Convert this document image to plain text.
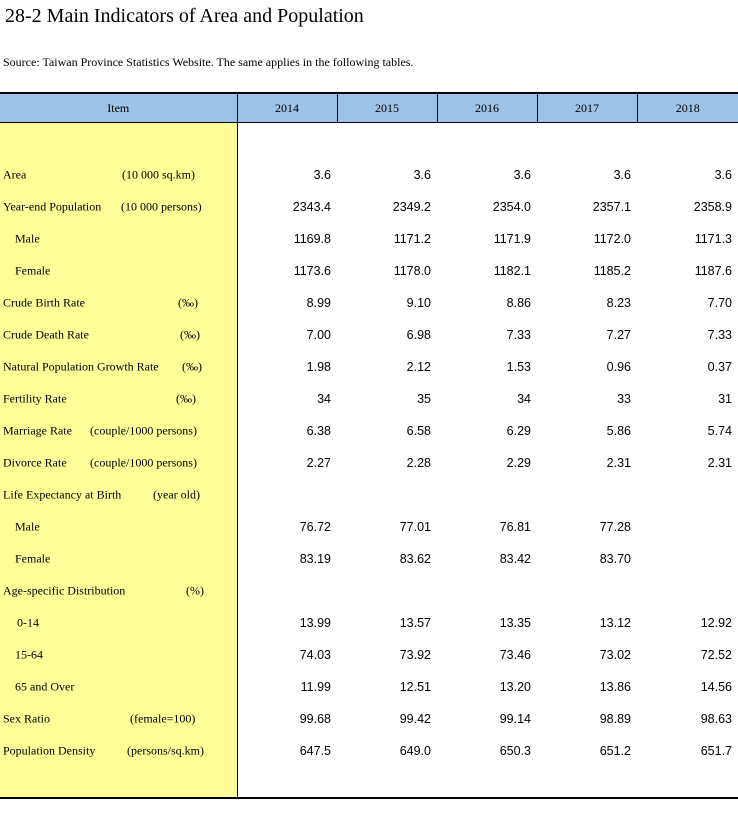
28-2 Main Indicators of Area and Population
Source: Taiwan Province Statistics Website. The same applies in the following tables.
Item	2014	2015	2016	2017	2018

Area (10 000 sq.km)	3.6	3.6	3.6	3.6	3.6

Year-end Population (10 000 persons)	2343.4	2349.2	2354.0	2357.1	2358.9

Male	1169.8	1171.2	1171.9	1172.0	1171.3

Female	1173.6	1178.0	1182.1	1185.2	1187.6

Crude Birth Rate (‰)	8.99	9.10	8.86	8.23	7.70

Crude Death Rate (‰)	7.00	6.98	7.33	7.27	7.33

Natural Population Growth Rate (‰)	1.98	2.12	1.53	0.96	0.37

Fertility Rate (‰)	34	35	34	33	31

Marriage Rate (couple/1000 persons)	6.38	6.58	6.29	5.86	5.74

Divorce Rate (couple/1000 persons)	2.27	2.28	2.29	2.31	2.31

Life Expectancy at Birth (year old)					

Male	76.72	77.01	76.81	77.28	

Female	83.19	83.62	83.42	83.70	

Age-specific Distribution (%)					

0-14	13.99	13.57	13.35	13.12	12.92

15-64	74.03	73.92	73.46	73.02	72.52

65 and Over	11.99	12.51	13.20	13.86	14.56

Sex Ratio (female=100)	99.68	99.42	99.14	98.89	98.63

Population Density (persons/sq.km)	647.5	649.0	650.3	651.2	651.7
